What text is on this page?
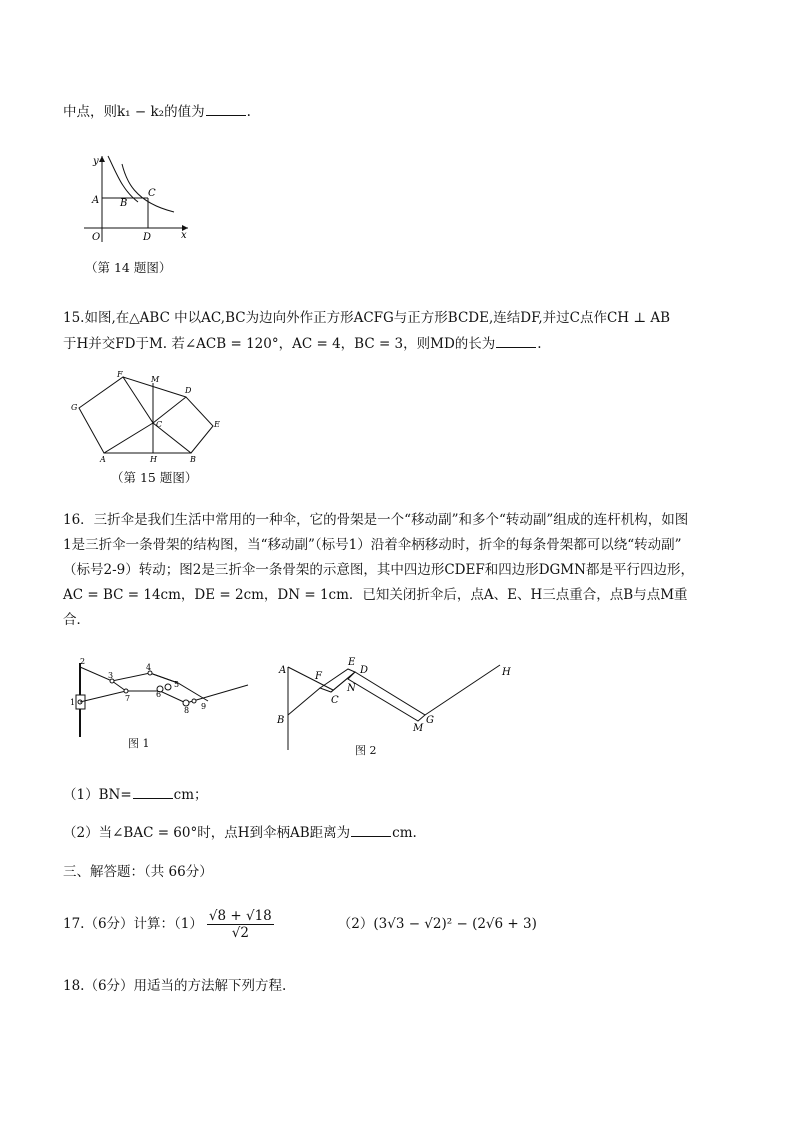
中点，则k₁ − k₂的值为	.
y
x
O
A B
C
D
（第 14 题图）
15.如图,在△ABC 中以AC,BC为边向外作正方形ACFG与正方形BCDE,连结DF,并过C点作CH ⊥ AB
于H并交FD于M. 若∠ACB = 120°，AC = 4，BC = 3，则MD的长为	.
F
M
D
G
C	E
A	H	B
（第 15 题图）
16．三折伞是我们生活中常用的一种伞，它的骨架是一个“移动副”和多个“转动副”组成的连杆机构，如图
1是三折伞一条骨架的结构图，当“移动副”（标号1）沿着伞柄移动时，折伞的每条骨架都可以绕“转动副”
（标号2-9）转动；图2是三折伞一条骨架的示意图，其中四边形CDEF和四边形DGMN都是平行四边形，
AC = BC = 14cm，DE = 2cm，DN = 1cm．已知关闭折伞后，点A、E、H三点重合，点B与点M重
合．
2
1
3
4
5
6
7
8 9
图 1
A
B
F
C
E
D
N
H
M
G
图 2
（1）BN=	cm；
（2）当∠BAC = 60°时，点H到伞柄AB距离为	cm.
三、解答题：（共 66分）
17.（6分）计算：$(1) \frac{√8 + √18}{√2}$	（2）(3√3 − √2)² − (2√6 + 3)
18.（6分）用适当的方法解下列方程.
